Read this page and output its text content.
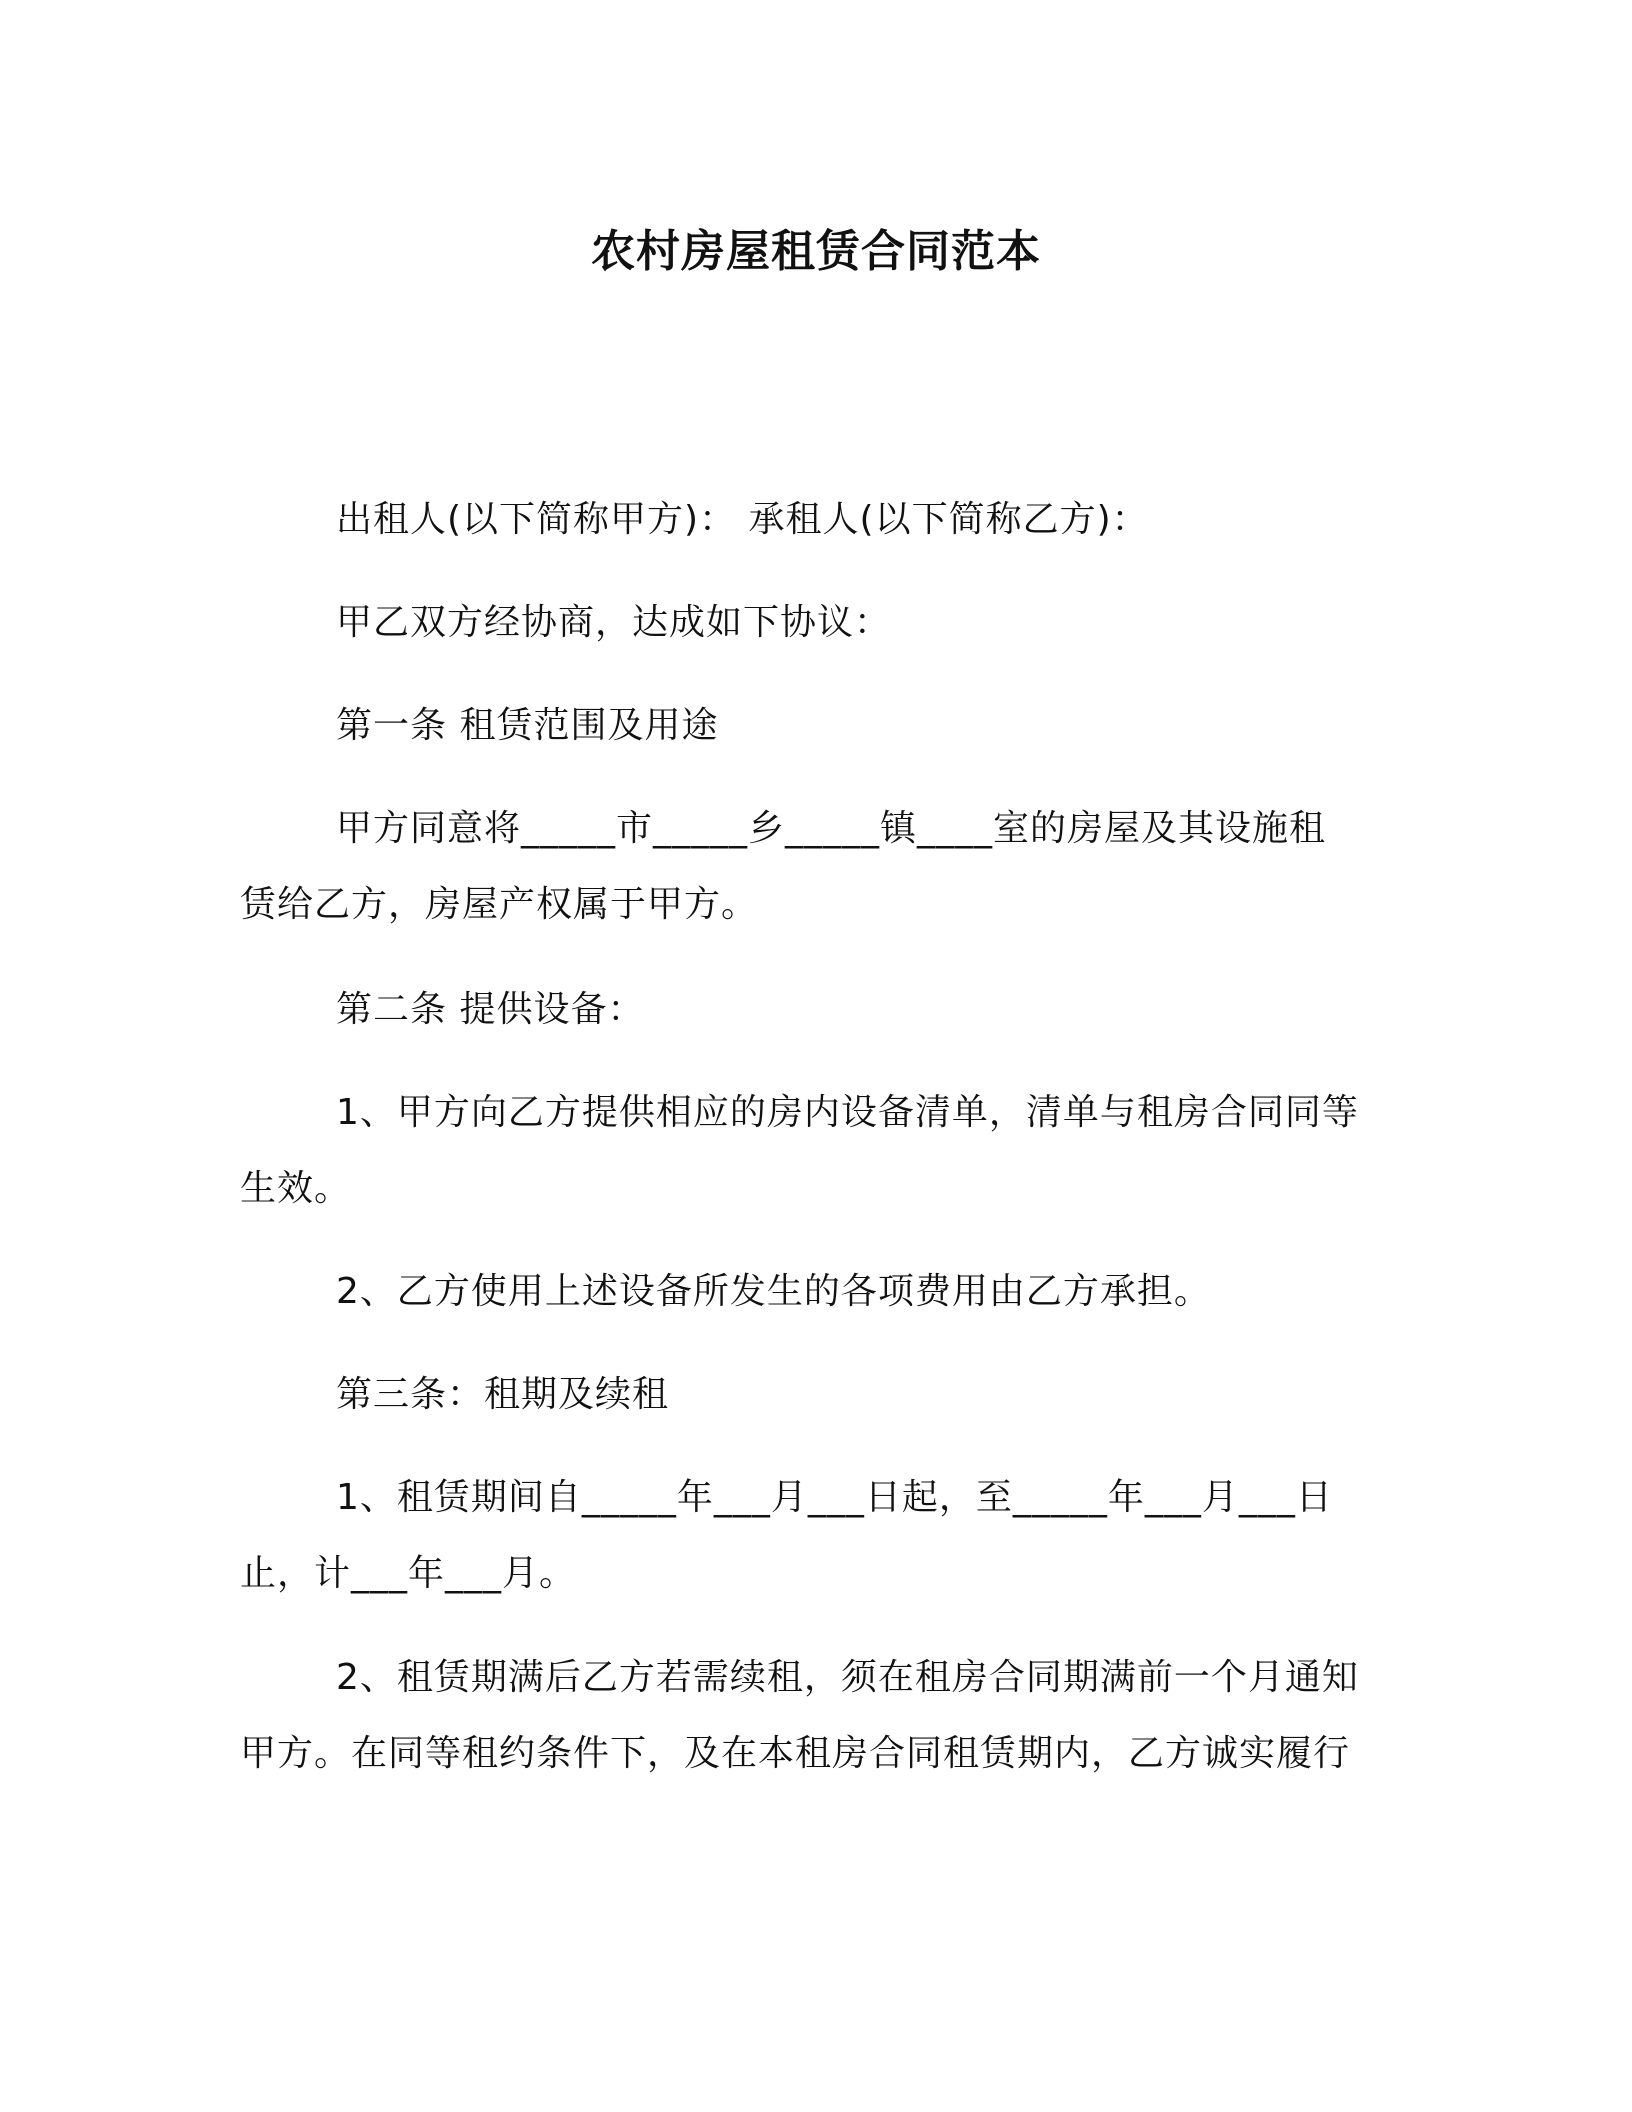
农村房屋租赁合同范本

出租人(以下简称甲方)： 承租人(以下简称乙方)：

甲乙双方经协商，达成如下协议：

第一条 租赁范围及用途

甲方同意将_____市_____乡_____镇____室的房屋及其设施租赁给乙方，房屋产权属于甲方。

第二条 提供设备：

1、甲方向乙方提供相应的房内设备清单，清单与租房合同同等生效。

2、乙方使用上述设备所发生的各项费用由乙方承担。

第三条：租期及续租

1、租赁期间自_____年___月___日起，至_____年___月___日止，计___年___月。

2、租赁期满后乙方若需续租，须在租房合同期满前一个月通知甲方。在同等租约条件下，及在本租房合同租赁期内，乙方诚实履行
